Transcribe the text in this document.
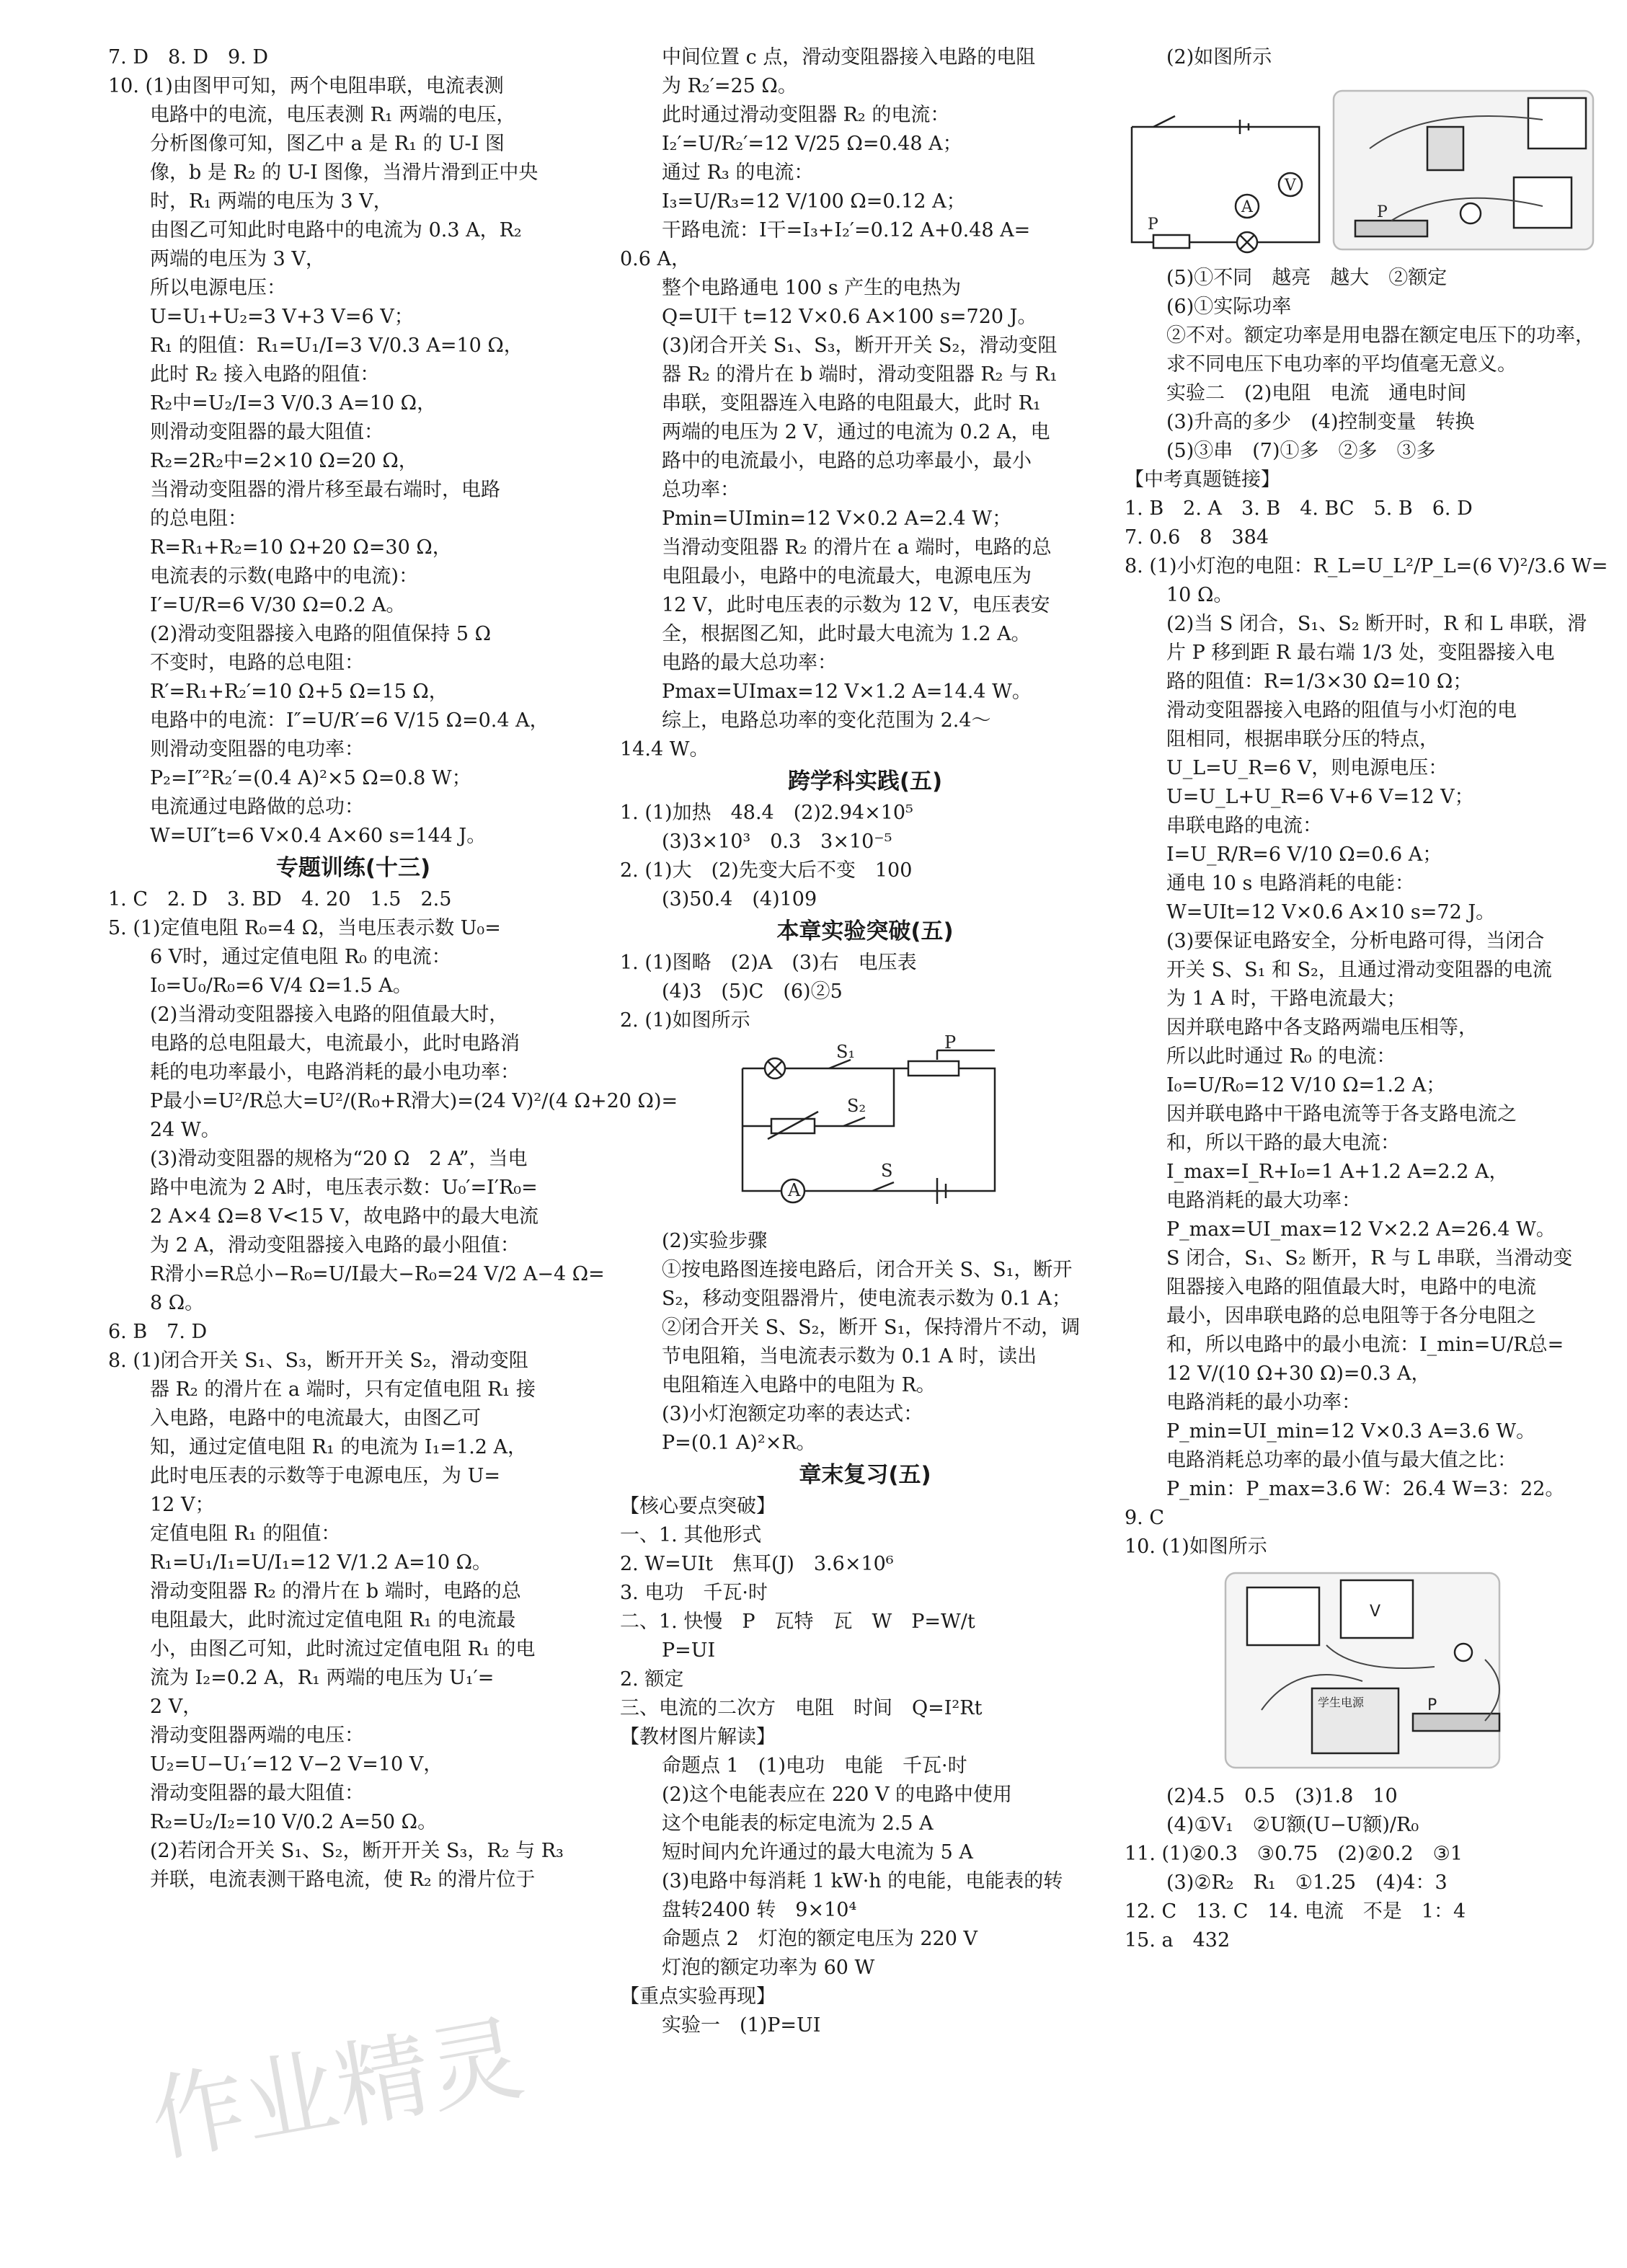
7. D　8. D　9. D
10. (1)由图甲可知，两个电阻串联，电流表测
电路中的电流，电压表测 R₁ 两端的电压，
分析图像可知，图乙中 a 是 R₁ 的 U-I 图
像，b 是 R₂ 的 U-I 图像，当滑片滑到正中央
时，R₁ 两端的电压为 3 V，
由图乙可知此时电路中的电流为 0.3 A，R₂
两端的电压为 3 V，
所以电源电压：
U=U₁+U₂=3 V+3 V=6 V；
R₁ 的阻值：R₁=U₁/I=3 V/0.3 A=10 Ω，
此时 R₂ 接入电路的阻值：
R₂中=U₂/I=3 V/0.3 A=10 Ω，
则滑动变阻器的最大阻值：
R₂=2R₂中=2×10 Ω=20 Ω，
当滑动变阻器的滑片移至最右端时，电路
的总电阻：
R=R₁+R₂=10 Ω+20 Ω=30 Ω，
电流表的示数(电路中的电流)：
I′=U/R=6 V/30 Ω=0.2 A。
(2)滑动变阻器接入电路的阻值保持 5 Ω
不变时，电路的总电阻：
R′=R₁+R₂′=10 Ω+5 Ω=15 Ω，
电路中的电流：I″=U/R′=6 V/15 Ω=0.4 A，
则滑动变阻器的电功率：
P₂=I″²R₂′=(0.4 A)²×5 Ω=0.8 W；
电流通过电路做的总功：
W=UI″t=6 V×0.4 A×60 s=144 J。
专题训练(十三)
1. C　2. D　3. BD　4. 20　1.5　2.5
5. (1)定值电阻 R₀=4 Ω，当电压表示数 U₀=
6 V时，通过定值电阻 R₀ 的电流：
I₀=U₀/R₀=6 V/4 Ω=1.5 A。
(2)当滑动变阻器接入电路的阻值最大时，
电路的总电阻最大，电流最小，此时电路消
耗的电功率最小，电路消耗的最小电功率：
P最小=U²/R总大=U²/(R₀+R滑大)=(24 V)²/(4 Ω+20 Ω)=
24 W。
(3)滑动变阻器的规格为“20 Ω　2 A”，当电
路中电流为 2 A时，电压表示数：U₀′=I′R₀=
2 A×4 Ω=8 V<15 V，故电路中的最大电流
为 2 A，滑动变阻器接入电路的最小阻值：
R滑小=R总小−R₀=U/I最大−R₀=24 V/2 A−4 Ω=
8 Ω。
6. B　7. D
8. (1)闭合开关 S₁、S₃，断开开关 S₂，滑动变阻
器 R₂ 的滑片在 a 端时，只有定值电阻 R₁ 接
入电路，电路中的电流最大，由图乙可
知，通过定值电阻 R₁ 的电流为 I₁=1.2 A，
此时电压表的示数等于电源电压，为 U=
12 V；
定值电阻 R₁ 的阻值：
R₁=U₁/I₁=U/I₁=12 V/1.2 A=10 Ω。
滑动变阻器 R₂ 的滑片在 b 端时，电路的总
电阻最大，此时流过定值电阻 R₁ 的电流最
小，由图乙可知，此时流过定值电阻 R₁ 的电
流为 I₂=0.2 A，R₁ 两端的电压为 U₁′=
2 V，
滑动变阻器两端的电压：
U₂=U−U₁′=12 V−2 V=10 V，
滑动变阻器的最大阻值：
R₂=U₂/I₂=10 V/0.2 A=50 Ω。
(2)若闭合开关 S₁、S₂，断开开关 S₃，R₂ 与 R₃
并联，电流表测干路电流，使 R₂ 的滑片位于
中间位置 c 点，滑动变阻器接入电路的电阻
为 R₂′=25 Ω。
此时通过滑动变阻器 R₂ 的电流：
I₂′=U/R₂′=12 V/25 Ω=0.48 A；
通过 R₃ 的电流：
I₃=U/R₃=12 V/100 Ω=0.12 A；
干路电流：I干=I₃+I₂′=0.12 A+0.48 A=
0.6 A，
整个电路通电 100 s 产生的电热为
Q=UI干 t=12 V×0.6 A×100 s=720 J。
(3)闭合开关 S₁、S₃，断开开关 S₂，滑动变阻
器 R₂ 的滑片在 b 端时，滑动变阻器 R₂ 与 R₁
串联，变阻器连入电路的电阻最大，此时 R₁
两端的电压为 2 V，通过的电流为 0.2 A，电
路中的电流最小，电路的总功率最小，最小
总功率：
Pmin=UImin=12 V×0.2 A=2.4 W；
当滑动变阻器 R₂ 的滑片在 a 端时，电路的总
电阻最小，电路中的电流最大，电源电压为
12 V，此时电压表的示数为 12 V，电压表安
全，根据图乙知，此时最大电流为 1.2 A。
电路的最大总功率：
Pmax=UImax=12 V×1.2 A=14.4 W。
综上，电路总功率的变化范围为 2.4～
14.4 W。
跨学科实践(五)
1. (1)加热　48.4　(2)2.94×10⁵
(3)3×10³　0.3　3×10⁻⁵
2. (1)大　(2)先变大后不变　100
(3)50.4　(4)109
本章实验突破(五)
1. (1)图略　(2)A　(3)右　电压表
(4)3　(5)C　(6)②5
2. (1)如图所示
S₁	P
S₂
A
S
(2)实验步骤
①按电路图连接电路后，闭合开关 S、S₁，断开
S₂，移动变阻器滑片，使电流表示数为 0.1 A；
②闭合开关 S、S₂，断开 S₁，保持滑片不动，调
节电阻箱，当电流表示数为 0.1 A 时，读出
电阻箱连入电路中的电阻为 R。
(3)小灯泡额定功率的表达式：
P=(0.1 A)²×R。
章末复习(五)
【核心要点突破】
一、1. 其他形式
2. W=UIt　焦耳(J)　3.6×10⁶
3. 电功　千瓦·时
二、1. 快慢　P　瓦特　瓦　W　P=W/t
P=UI
2. 额定
三、电流的二次方　电阻　时间　Q=I²Rt
【教材图片解读】
命题点 1　(1)电功　电能　千瓦·时
(2)这个电能表应在 220 V 的电路中使用
这个电能表的标定电流为 2.5 A
短时间内允许通过的最大电流为 5 A
(3)电路中每消耗 1 kW·h 的电能，电能表的转
盘转2400 转　9×10⁴
命题点 2　灯泡的额定电压为 220 V
灯泡的额定功率为 60 W
【重点实验再现】
实验一　(1)P=UI
(2)如图所示
V
A
P
P
(5)①不同　越亮　越大　②额定
(6)①实际功率
②不对。额定功率是用电器在额定电压下的功率，
求不同电压下电功率的平均值毫无意义。
实验二　(2)电阻　电流　通电时间
(3)升高的多少　(4)控制变量　转换
(5)③串　(7)①多　②多　③多
【中考真题链接】
1. B　2. A　3. B　4. BC　5. B　6. D
7. 0.6　8　384
8. (1)小灯泡的电阻：R_L=U_L²/P_L=(6 V)²/3.6 W=
10 Ω。
(2)当 S 闭合，S₁、S₂ 断开时，R 和 L 串联，滑
片 P 移到距 R 最右端 1/3 处，变阻器接入电
路的阻值：R=1/3×30 Ω=10 Ω；
滑动变阻器接入电路的阻值与小灯泡的电
阻相同，根据串联分压的特点，
U_L=U_R=6 V，则电源电压：
U=U_L+U_R=6 V+6 V=12 V；
串联电路的电流：
I=U_R/R=6 V/10 Ω=0.6 A；
通电 10 s 电路消耗的电能：
W=UIt=12 V×0.6 A×10 s=72 J。
(3)要保证电路安全，分析电路可得，当闭合
开关 S、S₁ 和 S₂，且通过滑动变阻器的电流
为 1 A 时，干路电流最大；
因并联电路中各支路两端电压相等，
所以此时通过 R₀ 的电流：
I₀=U/R₀=12 V/10 Ω=1.2 A；
因并联电路中干路电流等于各支路电流之
和，所以干路的最大电流：
I_max=I_R+I₀=1 A+1.2 A=2.2 A，
电路消耗的最大功率：
P_max=UI_max=12 V×2.2 A=26.4 W。
S 闭合，S₁、S₂ 断开，R 与 L 串联，当滑动变
阻器接入电路的阻值最大时，电路中的电流
最小，因串联电路的总电阻等于各分电阻之
和，所以电路中的最小电流：I_min=U/R总=
12 V/(10 Ω+30 Ω)=0.3 A，
电路消耗的最小功率：
P_min=UI_min=12 V×0.3 A=3.6 W。
电路消耗总功率的最小值与最大值之比：
P_min：P_max=3.6 W：26.4 W=3：22。
9. C
10. (1)如图所示
V
学生电源	P
(2)4.5　0.5　(3)1.8　10
(4)①V₁　②U额(U−U额)/R₀
11. (1)②0.3　③0.75　(2)②0.2　③1
(3)②R₂　R₁　①1.25　(4)4：3
12. C　13. C　14. 电流　不是　1：4
15. a　432
作业精灵
